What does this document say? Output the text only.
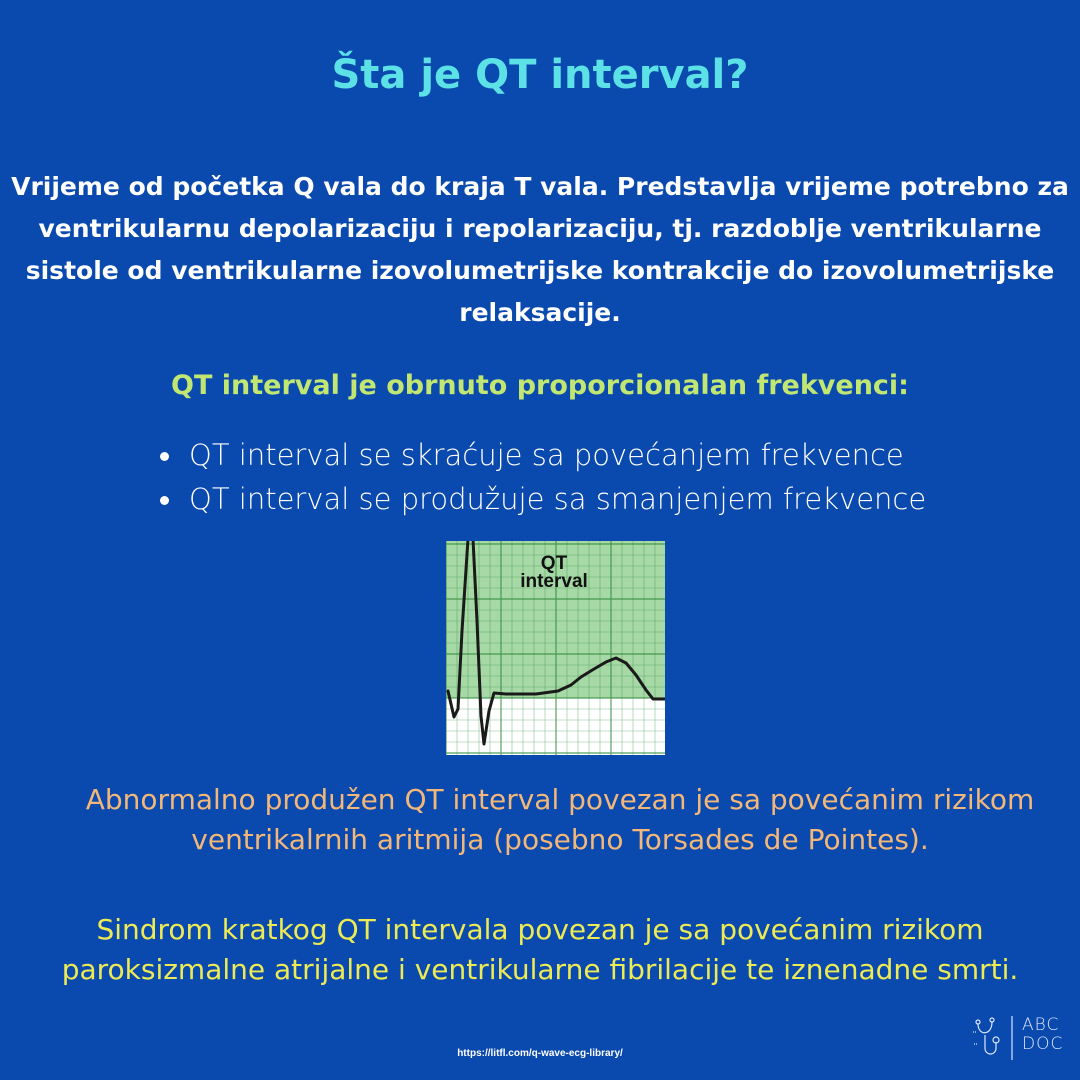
Šta je QT interval?
Vrijeme od početka Q vala do kraja T vala. Predstavlja vrijeme potrebno za ventrikularnu depolarizaciju i repolarizaciju, tj. razdoblje ventrikularne sistole od ventrikularne izovolumetrijske kontrakcije do izovolumetrijske relaksacije.
QT interval je obrnuto proporcionalan frekvenci:
QT interval se skraćuje sa povećanjem frekvence
QT interval se produžuje sa smanjenjem frekvence
QT
interval
Abnormalno produžen QT interval povezan je sa povećanim rizikom ventrikalrnih aritmija (posebno Torsades de Pointes).
Sindrom kratkog QT intervala povezan je sa povećanim rizikom paroksizmalne atrijalne i ventrikularne fibrilacije te iznenadne smrti.
https://litfl.com/q-wave-ecg-library/
ABC
DOC
